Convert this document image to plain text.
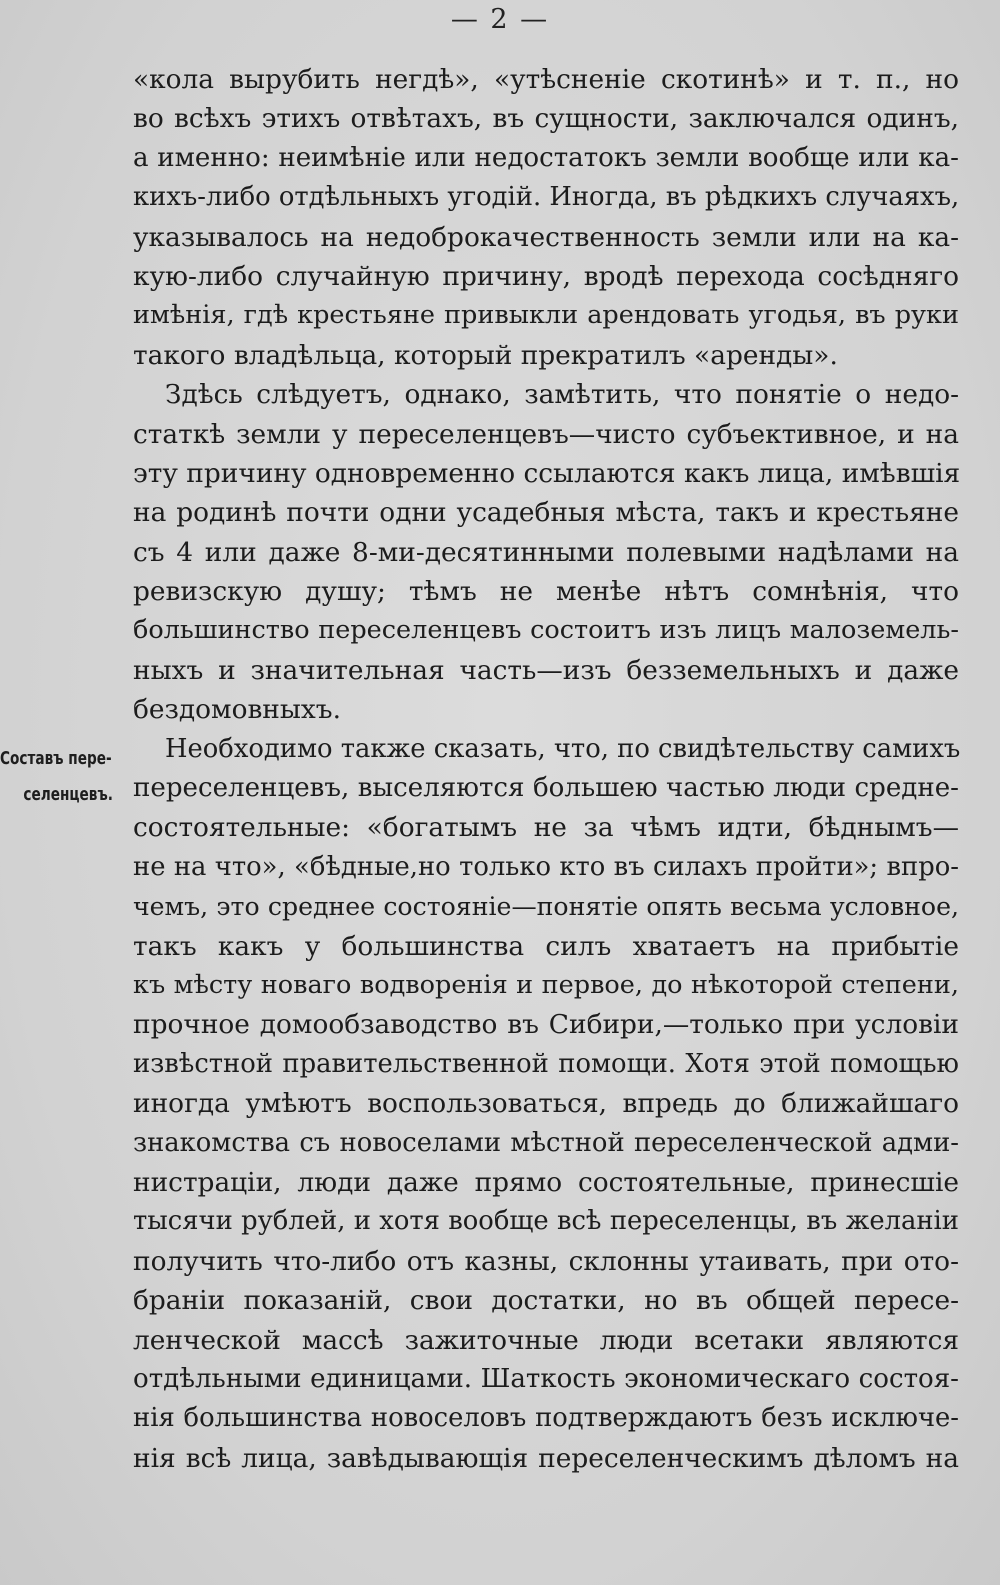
— 2 —
Составъ пере-
селенцевъ.
«кола вырубить негдѣ», «утѣсненіе скотинѣ» и т. п., но
во всѣхъ этихъ отвѣтахъ, въ сущности, заключался одинъ,
а именно: неимѣніе или недостатокъ земли вообще или ка-
кихъ-либо отдѣльныхъ угодій. Иногда, въ рѣдкихъ случаяхъ,
указывалось на недоброкачественность земли или на ка-
кую-либо случайную причину, вродѣ перехода сосѣдняго
имѣнія, гдѣ крестьяне привыкли арендовать угодья, въ руки
такого владѣльца, который прекратилъ «аренды».
Здѣсь слѣдуетъ, однако, замѣтить, что понятіе о недо-
статкѣ земли у переселенцевъ—чисто субъективное, и на
эту причину одновременно ссылаются какъ лица, имѣвшія
на родинѣ почти одни усадебныя мѣста, такъ и крестьяне
съ 4 или даже 8-ми-десятинными полевыми надѣлами на
ревизскую душу; тѣмъ не менѣе нѣтъ сомнѣнія, что
большинство переселенцевъ состоитъ изъ лицъ малоземель-
ныхъ и значительная часть—изъ безземельныхъ и даже
бездомовныхъ.
Необходимо также сказать, что, по свидѣтельству самихъ
переселенцевъ, выселяются большею частью люди средне-
состоятельные: «богатымъ не за чѣмъ идти, бѣднымъ—
не на что», «бѣдные,но только кто въ силахъ пройти»; впро-
чемъ, это среднее состояніе—понятіе опять весьма условное,
такъ какъ у большинства силъ хватаетъ на прибытіе
къ мѣсту новаго водворенія и первое, до нѣкоторой степени,
прочное домообзаводство въ Сибири,—только при условіи
извѣстной правительственной помощи. Хотя этой помощью
иногда умѣютъ воспользоваться, впредь до ближайшаго
знакомства съ новоселами мѣстной переселенческой адми-
нистраціи, люди даже прямо состоятельные, принесшіе
тысячи рублей, и хотя вообще всѣ переселенцы, въ желаніи
получить что-либо отъ казны, склонны утаивать, при ото-
браніи показаній, свои достатки, но въ общей пересе-
ленческой массѣ зажиточные люди всетаки являются
отдѣльными единицами. Шаткость экономическаго состоя-
нія большинства новоселовъ подтверждаютъ безъ исключе-
нія всѣ лица, завѣдывающія переселенческимъ дѣломъ на
